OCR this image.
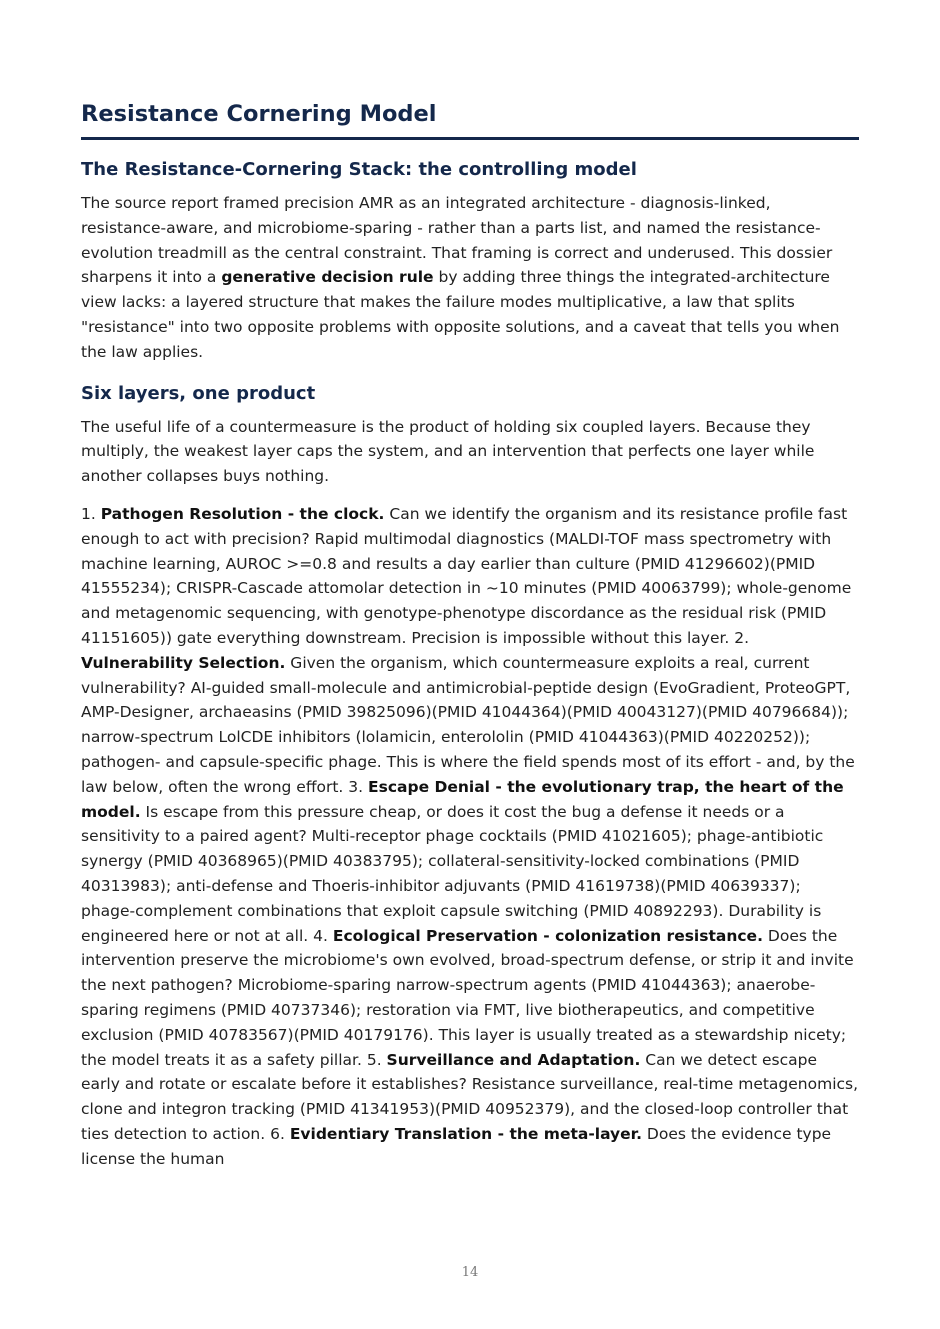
Resistance Cornering Model
The Resistance-Cornering Stack: the controlling model

The source report framed precision AMR as an integrated architecture - diagnosis-linked, resistance-aware, and microbiome-sparing - rather than a parts list, and named the resistance-evolution treadmill as the central constraint. That framing is correct and underused. This dossier sharpens it into a generative decision rule by adding three things the integrated-architecture view lacks: a layered structure that makes the failure modes multiplicative, a law that splits "resistance" into two opposite problems with opposite solutions, and a caveat that tells you when the law applies.

Six layers, one product

The useful life of a countermeasure is the product of holding six coupled layers. Because they multiply, the weakest layer caps the system, and an intervention that perfects one layer while another collapses buys nothing.

1. Pathogen Resolution - the clock. Can we identify the organism and its resistance profile fast enough to act with precision? Rapid multimodal diagnostics (MALDI-TOF mass spectrometry with machine learning, AUROC >=0.8 and results a day earlier than culture (PMID 41296602)(PMID 41555234); CRISPR-Cascade attomolar detection in ~10 minutes (PMID 40063799); whole-genome and metagenomic sequencing, with genotype-phenotype discordance as the residual risk (PMID 41151605)) gate everything downstream. Precision is impossible without this layer. 2. Vulnerability Selection. Given the organism, which countermeasure exploits a real, current vulnerability? AI-guided small-molecule and antimicrobial-peptide design (EvoGradient, ProteoGPT, AMP-Designer, archaeasins (PMID 39825096)(PMID 41044364)(PMID 40043127)(PMID 40796684)); narrow-spectrum LolCDE inhibitors (lolamicin, enterololin (PMID 41044363)(PMID 40220252)); pathogen- and capsule-specific phage. This is where the field spends most of its effort - and, by the law below, often the wrong effort. 3. Escape Denial - the evolutionary trap, the heart of the model. Is escape from this pressure cheap, or does it cost the bug a defense it needs or a sensitivity to a paired agent? Multi-receptor phage cocktails (PMID 41021605); phage-antibiotic synergy (PMID 40368965)(PMID 40383795); collateral-sensitivity-locked combinations (PMID 40313983); anti-defense and Thoeris-inhibitor adjuvants (PMID 41619738)(PMID 40639337); phage-complement combinations that exploit capsule switching (PMID 40892293). Durability is engineered here or not at all. 4. Ecological Preservation - colonization resistance. Does the intervention preserve the microbiome's own evolved, broad-spectrum defense, or strip it and invite the next pathogen? Microbiome-sparing narrow-spectrum agents (PMID 41044363); anaerobe-sparing regimens (PMID 40737346); restoration via FMT, live biotherapeutics, and competitive exclusion (PMID 40783567)(PMID 40179176). This layer is usually treated as a stewardship nicety; the model treats it as a safety pillar. 5. Surveillance and Adaptation. Can we detect escape early and rotate or escalate before it establishes? Resistance surveillance, real-time metagenomics, clone and integron tracking (PMID 41341953)(PMID 40952379), and the closed-loop controller that ties detection to action. 6. Evidentiary Translation - the meta-layer. Does the evidence type license the human

14
